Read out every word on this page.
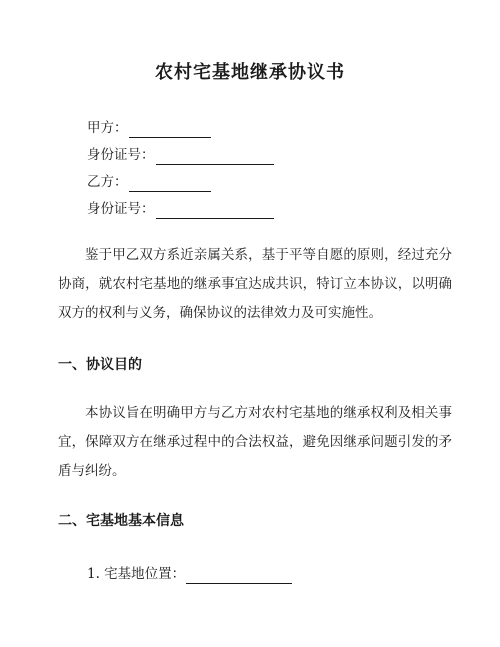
农村宅基地继承协议书
甲方：
身份证号：
乙方：
身份证号：

鉴于甲乙双方系近亲属关系，基于平等自愿的原则，经过充分协商，就农村宅基地的继承事宜达成共识，特订立本协议，以明确双方的权利与义务，确保协议的法律效力及可实施性。

一、协议目的

本协议旨在明确甲方与乙方对农村宅基地的继承权利及相关事宜，保障双方在继承过程中的合法权益，避免因继承问题引发的矛盾与纠纷。

二、宅基地基本信息
1. 宅基地位置：
